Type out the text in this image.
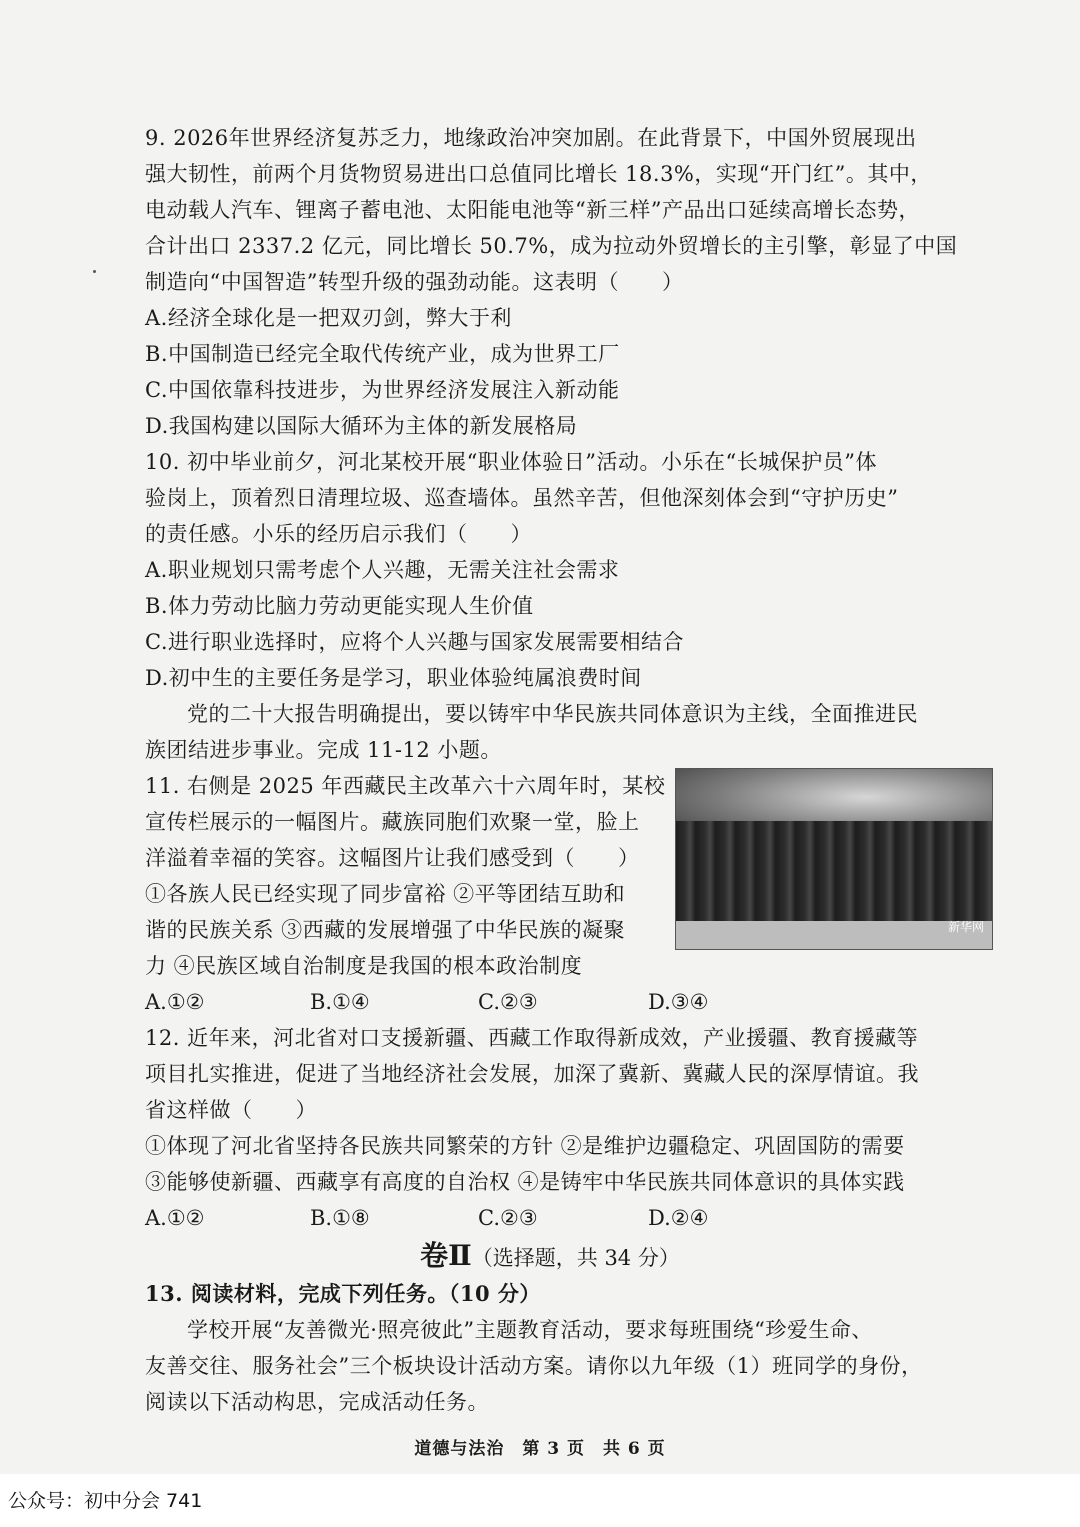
9. 2026年世界经济复苏乏力，地缘政治冲突加剧。在此背景下，中国外贸展现出
强大韧性，前两个月货物贸易进出口总值同比增长 18.3%，实现“开门红”。其中，
电动载人汽车、锂离子蓄电池、太阳能电池等“新三样”产品出口延续高增长态势，
合计出口 2337.2 亿元，同比增长 50.7%，成为拉动外贸增长的主引擎，彰显了中国
制造向“中国智造”转型升级的强劲动能。这表明（　　）
A.经济全球化是一把双刃剑，弊大于利
B.中国制造已经完全取代传统产业，成为世界工厂
C.中国依靠科技进步，为世界经济发展注入新动能
D.我国构建以国际大循环为主体的新发展格局
10. 初中毕业前夕，河北某校开展“职业体验日”活动。小乐在“长城保护员”体
验岗上，顶着烈日清理垃圾、巡查墙体。虽然辛苦，但他深刻体会到“守护历史”
的责任感。小乐的经历启示我们（　　）
A.职业规划只需考虑个人兴趣，无需关注社会需求
B.体力劳动比脑力劳动更能实现人生价值
C.进行职业选择时，应将个人兴趣与国家发展需要相结合
D.初中生的主要任务是学习，职业体验纯属浪费时间
党的二十大报告明确提出，要以铸牢中华民族共同体意识为主线，全面推进民
族团结进步事业。完成 11-12 小题。
11. 右侧是 2025 年西藏民主改革六十六周年时，某校
宣传栏展示的一幅图片。藏族同胞们欢聚一堂，脸上
洋溢着幸福的笑容。这幅图片让我们感受到（　　）
①各族人民已经实现了同步富裕 ②平等团结互助和
谐的民族关系 ③西藏的发展增强了中华民族的凝聚
力 ④民族区域自治制度是我国的根本政治制度
新华网
A.①②	B.①④	C.②③	D.③④
12. 近年来，河北省对口支援新疆、西藏工作取得新成效，产业援疆、教育援藏等
项目扎实推进，促进了当地经济社会发展，加深了冀新、冀藏人民的深厚情谊。我
省这样做（　　）
①体现了河北省坚持各民族共同繁荣的方针 ②是维护边疆稳定、巩固国防的需要
③能够使新疆、西藏享有高度的自治权 ④是铸牢中华民族共同体意识的具体实践
A.①②	B.①⑧	C.②③	D.②④
卷Ⅱ（选择题，共 34 分）
13. 阅读材料，完成下列任务。（10 分）
学校开展“友善微光·照亮彼此”主题教育活动，要求每班围绕“珍爱生命、
友善交往、服务社会”三个板块设计活动方案。请你以九年级（1）班同学的身份，
阅读以下活动构思，完成活动任务。
道德与法治　第 3 页　共 6 页
公众号：初中分会 741
